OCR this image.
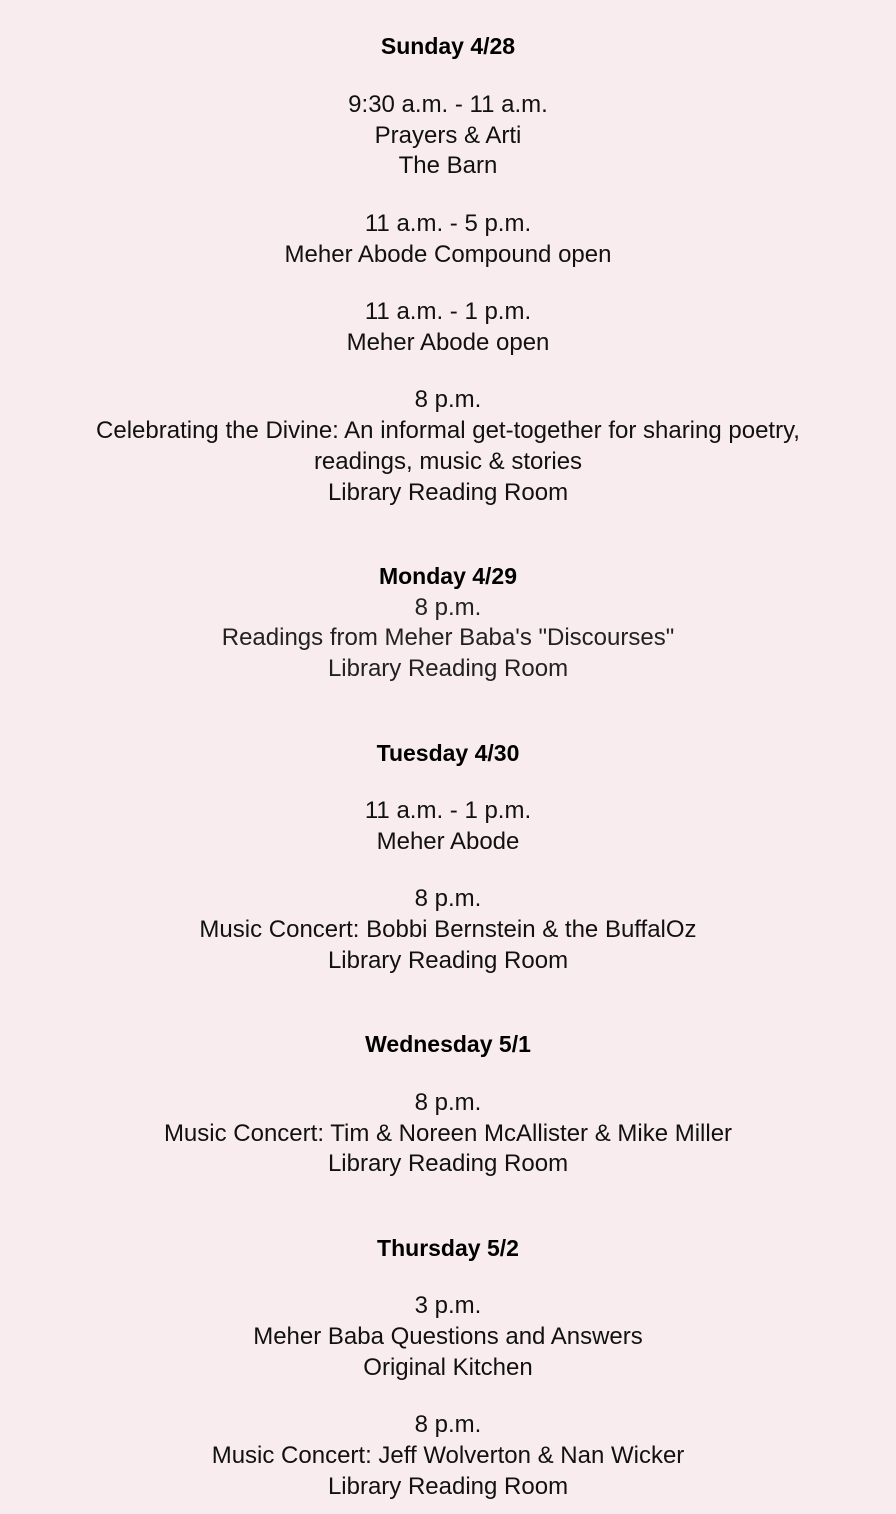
Sunday 4/28
9:30 a.m. - 11 a.m.
Prayers & Arti
The Barn
11 a.m. - 5 p.m.
Meher Abode Compound open
11 a.m. - 1 p.m.
Meher Abode open
8 p.m.
Celebrating the Divine: An informal get-together for sharing poetry,
readings, music & stories
Library Reading Room
Monday 4/29
8 p.m.
Readings from Meher Baba's "Discourses"
Library Reading Room
Tuesday 4/30
11 a.m. - 1 p.m.
Meher Abode
8 p.m.
Music Concert: Bobbi Bernstein & the BuffalOz
Library Reading Room
Wednesday 5/1
8 p.m.
Music Concert: Tim & Noreen McAllister & Mike Miller
Library Reading Room
Thursday 5/2
3 p.m.
Meher Baba Questions and Answers
Original Kitchen
8 p.m.
Music Concert: Jeff Wolverton & Nan Wicker
Library Reading Room
